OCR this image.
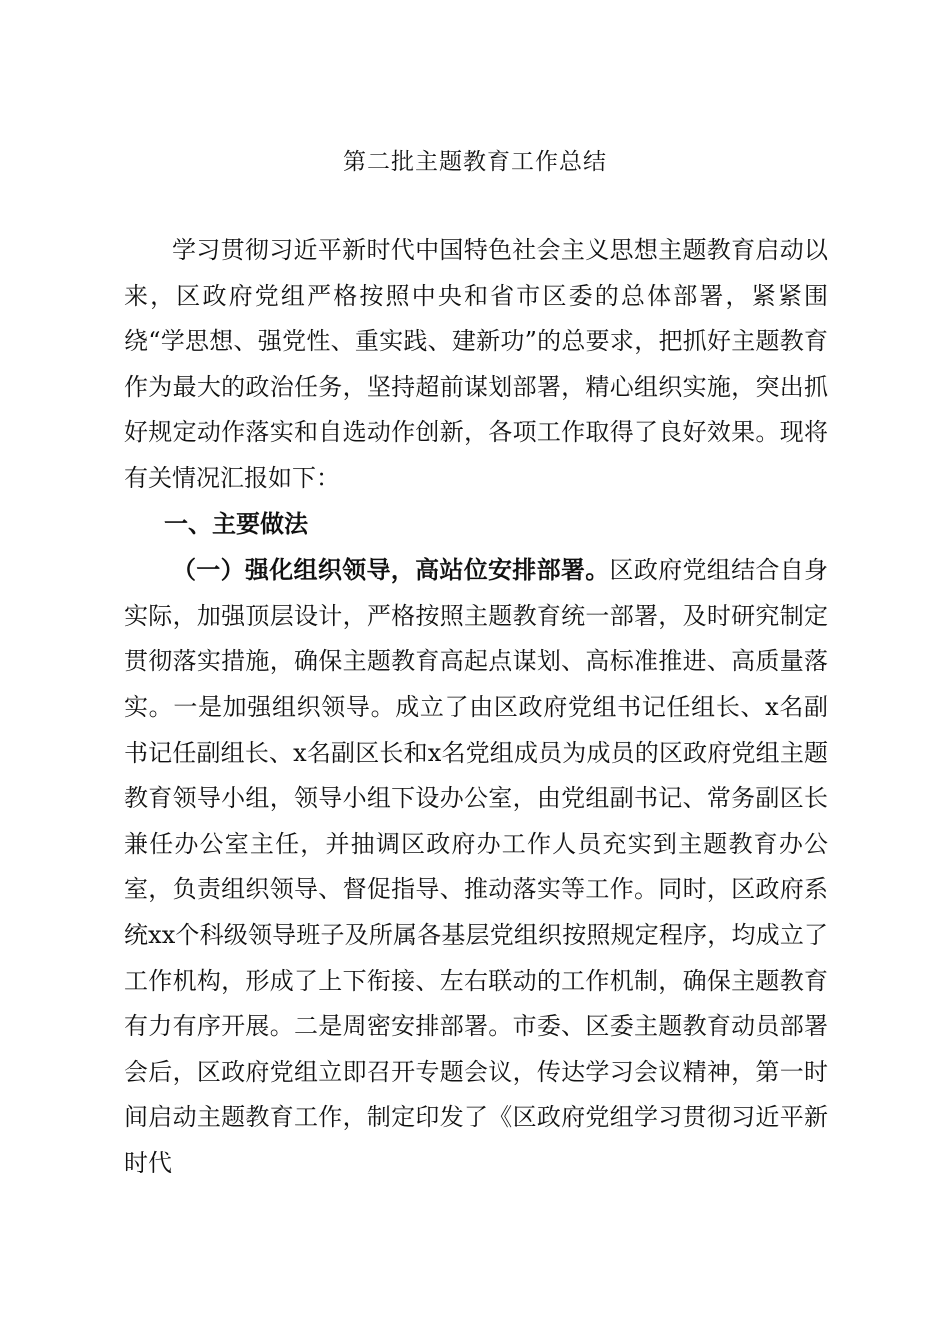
第二批主题教育工作总结

学习贯彻习近平新时代中国特色社会主义思想主题教育启动以来，区政府党组严格按照中央和省市区委的总体部署，紧紧围绕“学思想、强党性、重实践、建新功”的总要求，把抓好主题教育作为最大的政治任务，坚持超前谋划部署，精心组织实施，突出抓好规定动作落实和自选动作创新，各项工作取得了良好效果。现将有关情况汇报如下：

一、主要做法

（一）强化组织领导，高站位安排部署。区政府党组结合自身实际，加强顶层设计，严格按照主题教育统一部署，及时研究制定贯彻落实措施，确保主题教育高起点谋划、高标准推进、高质量落实。一是加强组织领导。成立了由区政府党组书记任组长、x名副书记任副组长、x名副区长和x名党组成员为成员的区政府党组主题教育领导小组，领导小组下设办公室，由党组副书记、常务副区长兼任办公室主任，并抽调区政府办工作人员充实到主题教育办公室，负责组织领导、督促指导、推动落实等工作。同时，区政府系统xx个科级领导班子及所属各基层党组织按照规定程序，均成立了工作机构，形成了上下衔接、左右联动的工作机制，确保主题教育有力有序开展。二是周密安排部署。市委、区委主题教育动员部署会后，区政府党组立即召开专题会议，传达学习会议精神，第一时间启动主题教育工作，制定印发了《区政府党组学习贯彻习近平新时代
